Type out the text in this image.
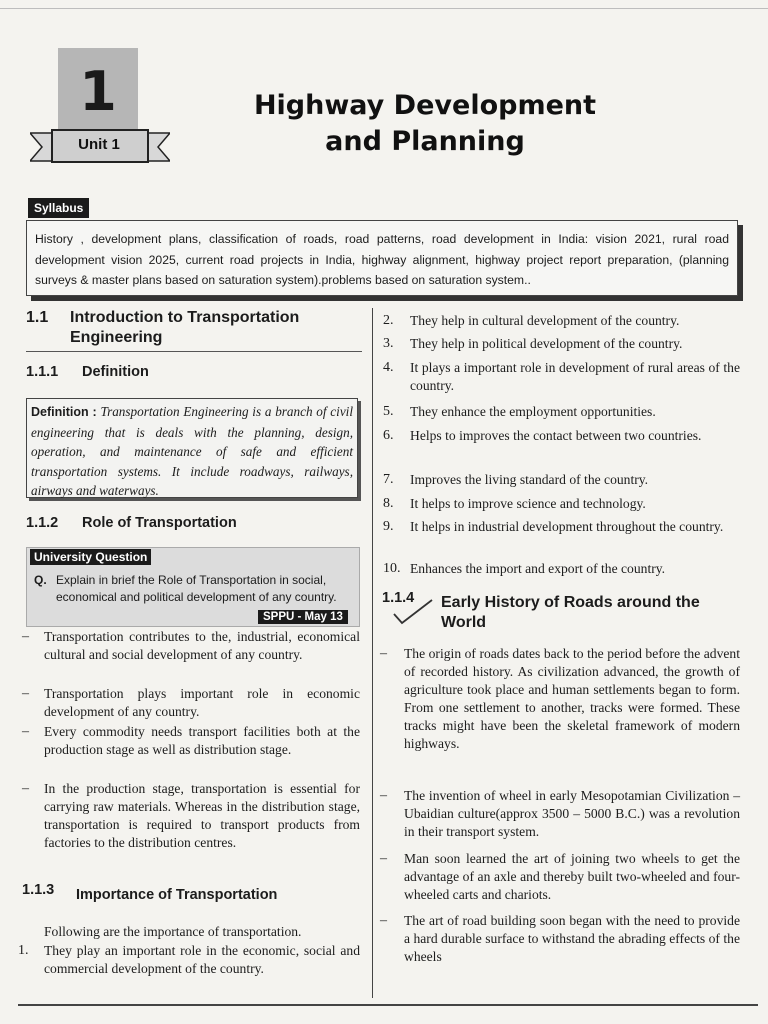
1
Unit 1
Highway Development
and Planning
Syllabus
History , development plans, classification of roads, road patterns, road development in India: vision 2021, rural road development vision 2025, current road projects in India, highway alignment, highway project report preparation, (planning surveys & master plans based on saturation system).problems based on saturation system..
1.1 Introduction to Transportation
Engineering
1.1.1 Definition
Definition : Transportation Engineering is a branch of civil engineering that is deals with the planning, design, operation, and maintenance of safe and efficient transportation systems. It include roadways, railways, airways and waterways.
1.1.2 Role of Transportation
University Question
Q. Explain in brief the Role of Transportation in social, economical and political development of any country.
SPPU - May 13
– Transportation contributes to the, industrial, economical cultural and social development of any country.
– Transportation plays important role in economic development of any country.
– Every commodity needs transport facilities both at the production stage as well as distribution stage.
– In the production stage, transportation is essential for carrying raw materials. Whereas in the distribution stage, transportation is required to transport products from factories to the distribution centres.
1.1.3 Importance of Transportation
Following are the importance of transportation.
1. They play an important role in the economic, social and commercial development of the country.
2. They help in cultural development of the country.
3. They help in political development of the country.
4. It plays a important role in development of rural areas of the country.
5. They enhance the employment opportunities.
6. Helps to improves the contact between two countries.
7. Improves the living standard of the country.
8. It helps to improve science and technology.
9. It helps in industrial development throughout the country.
10. Enhances the import and export of the country.
1.1.4 Early History of Roads around the
World
– The origin of roads dates back to the period before the advent of recorded history. As civilization advanced, the growth of agriculture took place and human settlements began to form. From one settlement to another, tracks were formed. These tracks might have been the skeletal framework of modern highways.
– The invention of wheel in early Mesopotamian Civilization –Ubaidian culture(approx 3500 – 5000 B.C.) was a revolution in their transport system.
– Man soon learned the art of joining two wheels to get the advantage of an axle and thereby built two-wheeled and four-wheeled carts and chariots.
– The art of road building soon began with the need to provide a hard durable surface to withstand the abrading effects of the wheels
